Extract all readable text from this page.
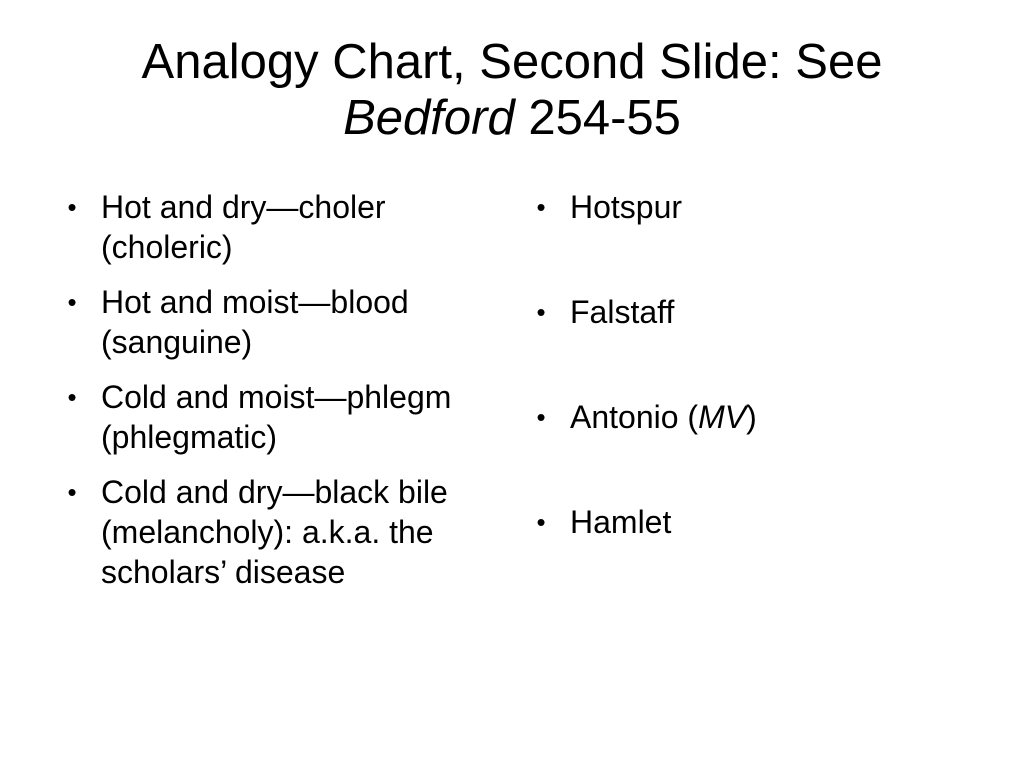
Analogy Chart, Second Slide: See
Bedford 254-55
• Hot and dry—choler (choleric)
• Hot and moist—blood (sanguine)
• Cold and moist—phlegm (phlegmatic)
• Cold and dry—black bile (melancholy): a.k.a. the scholars’ disease
• Hotspur
• Falstaff
• Antonio (MV)
• Hamlet
